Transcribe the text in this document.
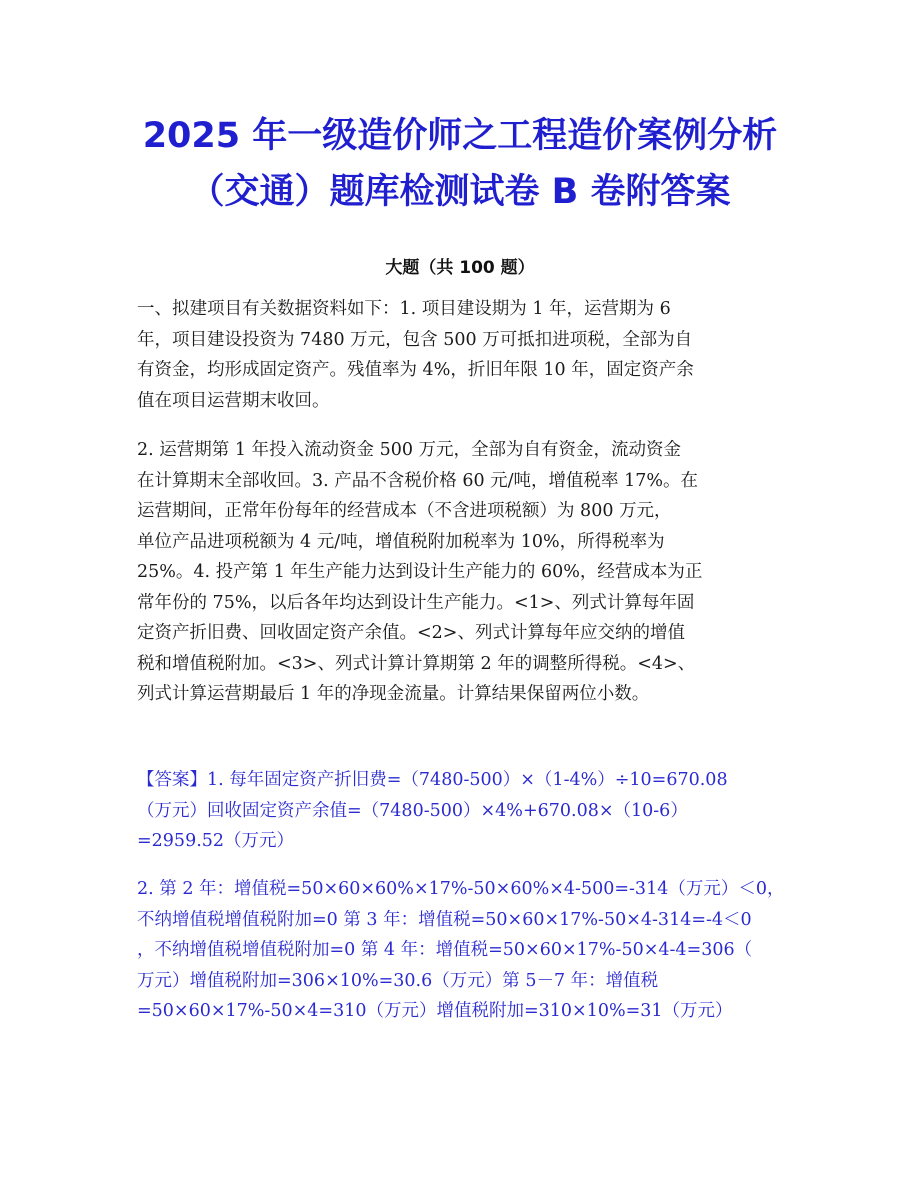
2025 年一级造价师之工程造价案例分析
（交通）题库检测试卷 B 卷附答案
大题（共 100 题）

一、拟建项目有关数据资料如下：1. 项目建设期为 1 年，运营期为 6
年，项目建设投资为 7480 万元，包含 500 万可抵扣进项税，全部为自
有资金，均形成固定资产。残值率为 4%，折旧年限 10 年，固定资产余
值在项目运营期末收回。

2. 运营期第 1 年投入流动资金 500 万元，全部为自有资金，流动资金
在计算期末全部收回。3. 产品不含税价格 60 元/吨，增值税率 17%。在
运营期间，正常年份每年的经营成本（不含进项税额）为 800 万元，
单位产品进项税额为 4 元/吨，增值税附加税率为 10%，所得税率为
25%。4. 投产第 1 年生产能力达到设计生产能力的 60%，经营成本为正
常年份的 75%，以后各年均达到设计生产能力。<1>、列式计算每年固
定资产折旧费、回收固定资产余值。<2>、列式计算每年应交纳的增值
税和增值税附加。<3>、列式计算计算期第 2 年的调整所得税。<4>、
列式计算运营期最后 1 年的净现金流量。计算结果保留两位小数。

【答案】1. 每年固定资产折旧费=（7480-500）×（1-4%）÷10=670.08
（万元）回收固定资产余值=（7480-500）×4%+670.08×（10-6）
=2959.52（万元）

2. 第 2 年：增值税=50×60×60%×17%-50×60%×4-500=-314（万元）＜0，
不纳增值税增值税附加=0 第 3 年：增值税=50×60×17%-50×4-314=-4＜0
，不纳增值税增值税附加=0 第 4 年：增值税=50×60×17%-50×4-4=306（
万元）增值税附加=306×10%=30.6（万元）第 5－7 年：增值税
=50×60×17%-50×4=310（万元）增值税附加=310×10%=31（万元）
